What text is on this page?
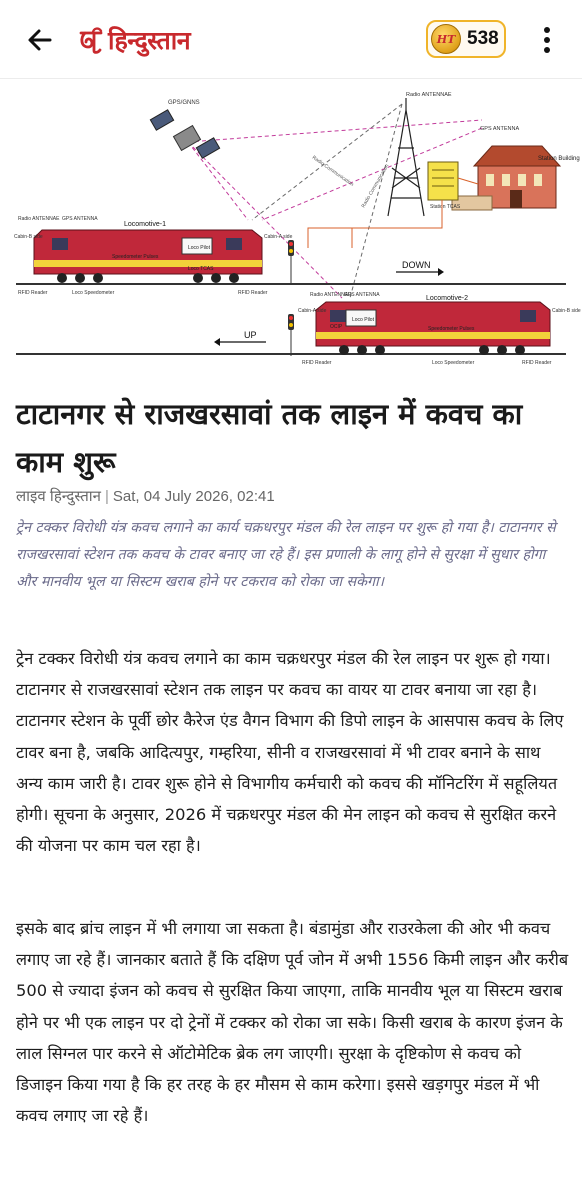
हिन्दुस्तान	HT 538
GPS/GNNS
Radio ANTENNAE
GPS ANTENNA
Radio Communication Radio Communication
Station Building
Station TCAS
DOWN
Locomotive-1
Radio ANTENNAE GPS ANTENNA
Cabin-B side	Cabin-A side
Loco Pilot
Speedometer Pulses
Loco TCAS
RFID Reader	Loco Speedometer	RFID Reader
UP
Locomotive-2
Radio ANTENNAE
GPS ANTENNA
Cabin-A side	Cabin-B side
OCIP
Loco Pilot
Speedometer Pulses
RFID Reader	Loco Speedometer	RFID Reader
टाटानगर से राजखरसावां तक लाइन में कवच का काम शुरू
लाइव हिन्दुस्तान | Sat, 04 July 2026, 02:41

ट्रेन टक्कर विरोधी यंत्र कवच लगाने का कार्य चक्रधरपुर मंडल की रेल लाइन पर शुरू हो गया है। टाटानगर से राजखरसावां स्टेशन तक कवच के टावर बनाए जा रहे हैं। इस प्रणाली के लागू होने से सुरक्षा में सुधार होगा और मानवीय भूल या सिस्टम खराब होने पर टकराव को रोका जा सकेगा।

ट्रेन टक्कर विरोधी यंत्र कवच लगाने का काम चक्रधरपुर मंडल की रेल लाइन पर शुरू हो गया। टाटानगर से राजखरसावां स्टेशन तक लाइन पर कवच का वायर या टावर बनाया जा रहा है। टाटानगर स्टेशन के पूर्वी छोर कैरेज एंड वैगन विभाग की डिपो लाइन के आसपास कवच के लिए टावर बना है, जबकि आदित्यपुर, गम्हरिया, सीनी व राजखरसावां में भी टावर बनाने के साथ अन्य काम जारी है। टावर शुरू होने से विभागीय कर्मचारी को कवच की मॉनिटरिंग में सहूलियत होगी। सूचना के अनुसार, 2026 में चक्रधरपुर मंडल की मेन लाइन को कवच से सुरक्षित करने की योजना पर काम चल रहा है।

इसके बाद ब्रांच लाइन में भी लगाया जा सकता है। बंडामुंडा और राउरकेला की ओर भी कवच लगाए जा रहे हैं। जानकार बताते हैं कि दक्षिण पूर्व जोन में अभी 1556 किमी लाइन और करीब 500 से ज्यादा इंजन को कवच से सुरक्षित किया जाएगा, ताकि मानवीय भूल या सिस्टम खराब होने पर भी एक लाइन पर दो ट्रेनों में टक्कर को रोका जा सके। किसी खराब के कारण इंजन के लाल सिग्नल पार करने से ऑटोमेटिक ब्रेक लग जाएगी। सुरक्षा के दृष्टिकोण से कवच को डिजाइन किया गया है कि हर तरह के हर मौसम से काम करेगा। इससे खड़गपुर मंडल में भी कवच लगाए जा रहे हैं।
